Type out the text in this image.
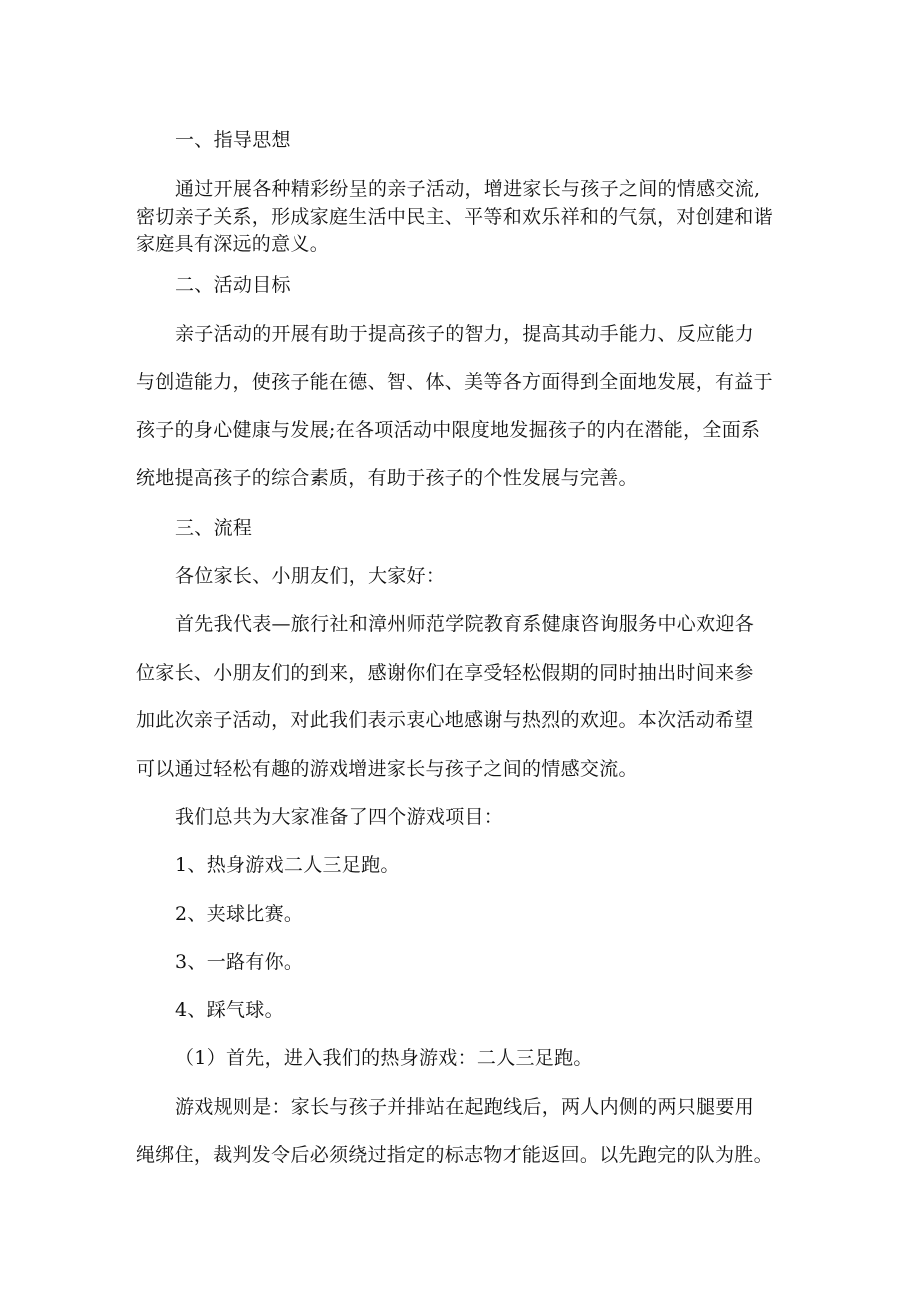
一、指导思想

通过开展各种精彩纷呈的亲子活动，增进家长与孩子之间的情感交流,

密切亲子关系，形成家庭生活中民主、平等和欢乐祥和的气氛，对创建和谐

家庭具有深远的意义。

二、活动目标

亲子活动的开展有助于提高孩子的智力，提高其动手能力、反应能力

与创造能力，使孩子能在德、智、体、美等各方面得到全面地发展，有益于

孩子的身心健康与发展;在各项活动中限度地发掘孩子的内在潜能，全面系

统地提高孩子的综合素质，有助于孩子的个性发展与完善。

三、流程

各位家长、小朋友们，大家好：

首先我代表—旅行社和漳州师范学院教育系健康咨询服务中心欢迎各

位家长、小朋友们的到来，感谢你们在享受轻松假期的同时抽出时间来参

加此次亲子活动，对此我们表示衷心地感谢与热烈的欢迎。本次活动希望

可以通过轻松有趣的游戏增进家长与孩子之间的情感交流。

我们总共为大家准备了四个游戏项目：

1、热身游戏二人三足跑。

2、夹球比赛。

3、一路有你。

4、踩气球。

（1）首先，进入我们的热身游戏：二人三足跑。

游戏规则是：家长与孩子并排站在起跑线后，两人内侧的两只腿要用

绳绑住，裁判发令后必须绕过指定的标志物才能返回。以先跑完的队为胜。
